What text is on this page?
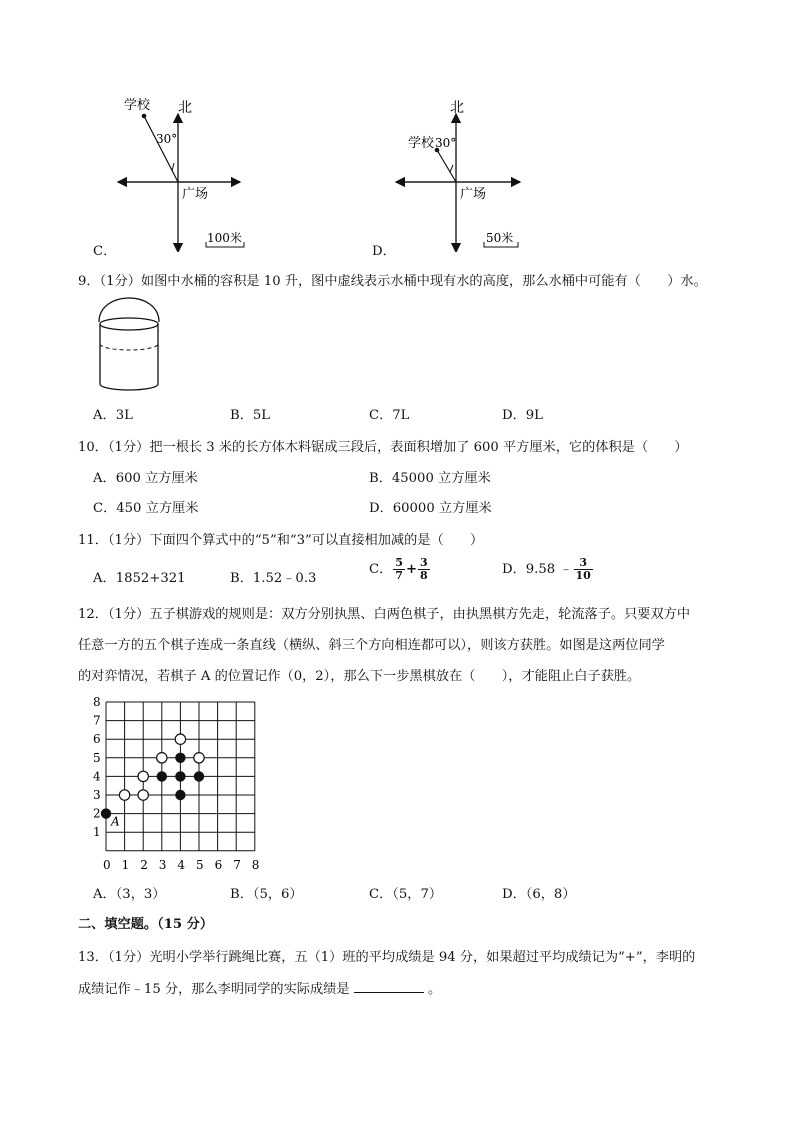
北
学校
30°
广场
100米
C．
北
学校 30°
广场
50米
D．
9．（1分）如图中水桶的容积是 10 升，图中虚线表示水桶中现有水的高度，那么水桶中可能有（　　）水。
A．3L	B．5L	C．7L	D．9L
10．（1分）把一根长 3 米的长方体木料锯成三段后，表面积增加了 600 平方厘米，它的体积是（　　）
A．600 立方厘米	B．45000 立方厘米
C．450 立方厘米	D．60000 立方厘米
11．（1分）下面四个算式中的“5”和“3”可以直接相加减的是（　　）
A．1852+321	B．1.52﹣0.3
C． $\frac{5}{7} + \frac{3}{8}$	D．9.58 ﹣ $\frac{3}{10}$
12．（1分）五子棋游戏的规则是：双方分别执黑、白两色棋子，由执黑棋方先走，轮流落子。只要双方中
任意一方的五个棋子连成一条直线（横纵、斜三个方向相连都可以），则该方获胜。如图是这两位同学
的对弈情况，若棋子 A 的位置记作（0，2），那么下一步黑棋放在（　　），才能阻止白子获胜。
0 1
1
2
2
3
3
4
4
5
5
6
6
7
7
8
8
A
A．（3，3）	B．（5，6）	C．（5，7）	D．（6，8）
二、填空题。（15 分）
13．（1分）光明小学举行跳绳比赛，五（1）班的平均成绩是 94 分，如果超过平均成绩记为“+”，李明的
成绩记作﹣15 分，那么李明同学的实际成绩是	。
